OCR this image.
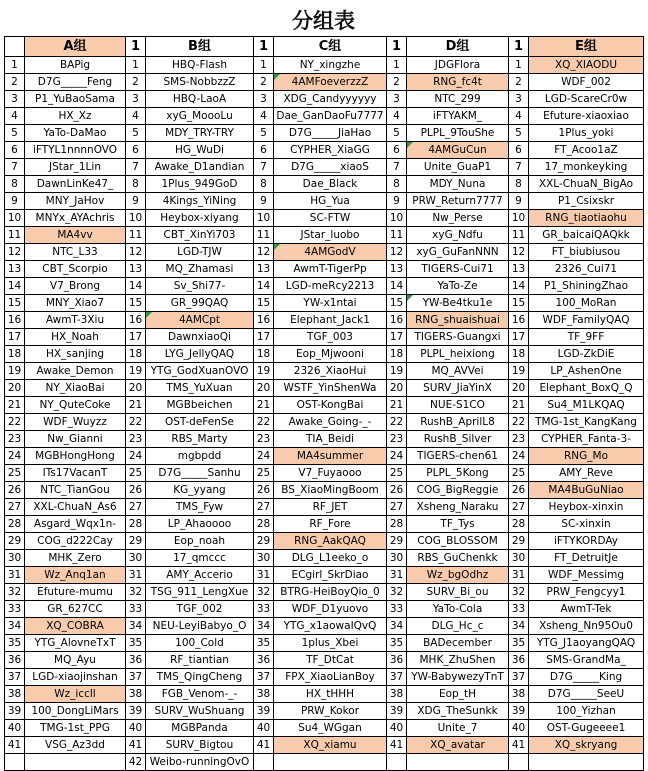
分组表
	A组	1	B组	1	C组	1	D组	1	E组
1	BAPig	1	HBQ-Flash	1	NY_xingzhe	1	JDGFlora	1	XQ_XIAODU
2	D7G_____Feng	2	SMS-NobbzzZ	2	4AMFoeverzzZ	2	RNG_fc4t	2	WDF_002
3	P1_YuBaoSama	3	HBQ-LaoA	3	XDG_Candyyyyyy	3	NTC_299	3	LGD-ScareCr0w
4	HX_Xz	4	xyG_MoooLu	4	Dae_GanDaoFu7777	4	iFTYAKM_	4	Efuture-xiaoxiao
5	YaTo-DaMao	5	MDY_TRY-TRY	5	D7G_____JiaHao	5	PLPL_9TouShe	5	1Plus_yoki
6	iFTYL1nnnnOVO	6	HG_WuDi	6	CYPHER_XiaGG	6	4AMGuCun	6	FT_Acoo1aZ
7	JStar_1Lin	7	Awake_D1andian	7	D7G_____xiaoS	7	Unite_GuaP1	7	17_monkeyking
8	DawnLinKe47_	8	1Plus_949GoD	8	Dae_Black	8	MDY_Nuna	8	XXL-ChuaN_BigAo
9	MNY_JaHov	9	4Kings_YiNing	9	HG_Yua	9	PRW_Return7777	9	P1_Csixskr
10	MNYx_AYAchris	10	Heybox-xiyang	10	SC-FTW	10	Nw_Perse	10	RNG_tiaotiaohu
11	MA4vv	11	CBT_XinYi703	11	JStar_luobo	11	xyG_Ndfu	11	GR_baicaiQAQkk
12	NTC_L33	12	LGD-TJW	12	4AMGodV	12	xyG_GuFanNNN	12	FT_biubiusou
13	CBT_Scorpio	13	MQ_Zhamasi	13	AwmT-TigerPp	13	TIGERS-Cui71	13	2326_Cui71
14	V7_Brong	14	Sv_Shi77-	14	LGD-meRcy2213	14	YaTo-Ze	14	P1_ShiningZhao
15	MNY_Xiao7	15	GR_99QAQ	15	YW-x1ntai	15	YW-Be4tku1e	15	100_MoRan
16	AwmT-3Xiu	16	4AMCpt	16	Elephant_Jack1	16	RNG_shuaishuai	16	WDF_FamilyQAQ
17	HX_Noah	17	DawnxiaoQi	17	TGF_003	17	TIGERS-Guangxi	17	TF_9FF
18	HX_sanjing	18	LYG_JellyQAQ	18	Eop_Mjwooni	18	PLPL_heixiong	18	LGD-ZkDiE
19	Awake_Demon	19	YTG_GodXuanOVO	19	2326_XiaoHui	19	MQ_AVVei	19	LP_AshenOne
20	NY_XiaoBai	20	TMS_YuXuan	20	WSTF_YinShenWa	20	SURV_JiaYinX	20	Elephant_BoxQ_Q
21	NY_QuteCoke	21	MGBbeichen	21	OST-KongBai	21	NUE-S1CO	21	Su4_M1LKQAQ
22	WDF_Wuyzz	22	OST-deFenSe	22	Awake_Going-_-	22	RushB_AprilL8	22	TMG-1st_KangKang
23	Nw_Gianni	23	RBS_Marty	23	TIA_Beidi	23	RushB_Silver	23	CYPHER_Fanta-3-
24	MGBHongHong	24	mgbpdd	24	MA4summer	24	TIGERS-chen61	24	RNG_Mo
25	ITs17VacanT	25	D7G_____Sanhu	25	V7_Fuyaooo	25	PLPL_5Kong	25	AMY_Reve
26	NTC_TianGou	26	KG_yyang	26	BS_XiaoMingBoom	26	COG_BigReggie	26	MA4BuGuNiao
27	XXL-ChuaN_As6	27	TMS_Fyw	27	RF_JET	27	Xsheng_Naraku	27	Heybox-xinxin
28	Asgard_Wqx1n-	28	LP_Ahaoooo	28	RF_Fore	28	TF_Tys	28	SC-xinxin
29	COG_d222Cay	29	Eop_noah	29	RNG_AakQAQ	29	COG_BLOSSOM	29	iFTYKORDAy
30	MHK_Zero	30	17_qmccc	30	DLG_L1eeko_o	30	RBS_GuChenkk	30	FT_DetruitJe
31	Wz_Anq1an	31	AMY_Accerio	31	ECgirl_SkrDiao	31	Wz_bgOdhz	31	WDF_Messimg
32	Efuture-mumu	32	TSG_911_LengXue	32	BTRG-HeiBoyQio_0	32	SURV_Bi_ou	32	PRW_Fengcyy1
33	GR_627CC	33	TGF_002	33	WDF_D1yuovo	33	YaTo-Cola	33	AwmT-Tek
34	XQ_COBRA	34	NEU-LeyiBabyo_O	34	YTG_x1aowaIQvQ	34	DLG_Hc_c	34	Xsheng_Nn95Ou0
35	YTG_AlovneTxT	35	100_Cold	35	1plus_Xbei	35	BADecember	35	YTG_J1aoyangQAQ
36	MQ_Ayu	36	RF_tiantian	36	TF_DtCat	36	MHK_ZhuShen	36	SMS-GrandMa_
37	LGD-xiaojinshan	37	TMS_QingCheng	37	FPX_XiaoLianBoy	37	YW-BabywezyTnT	37	D7G_____King
38	Wz_iccll	38	FGB_Venom-_-	38	HX_tHHH	38	Eop_tH	38	D7G_____SeeU
39	100_DongLiMars	39	SURV_WuShuang	39	PRW_Kokor	39	XDG_TheSunkk	39	100_Yizhan
40	TMG-1st_PPG	40	MGBPanda	40	Su4_WGgan	40	Unite_7	40	OST-Gugeeee1
41	VSG_Az3dd	41	SURV_Bigtou	41	XQ_xiamu	41	XQ_avatar	41	XQ_skryang
		42	Weibo-runningOvO						
